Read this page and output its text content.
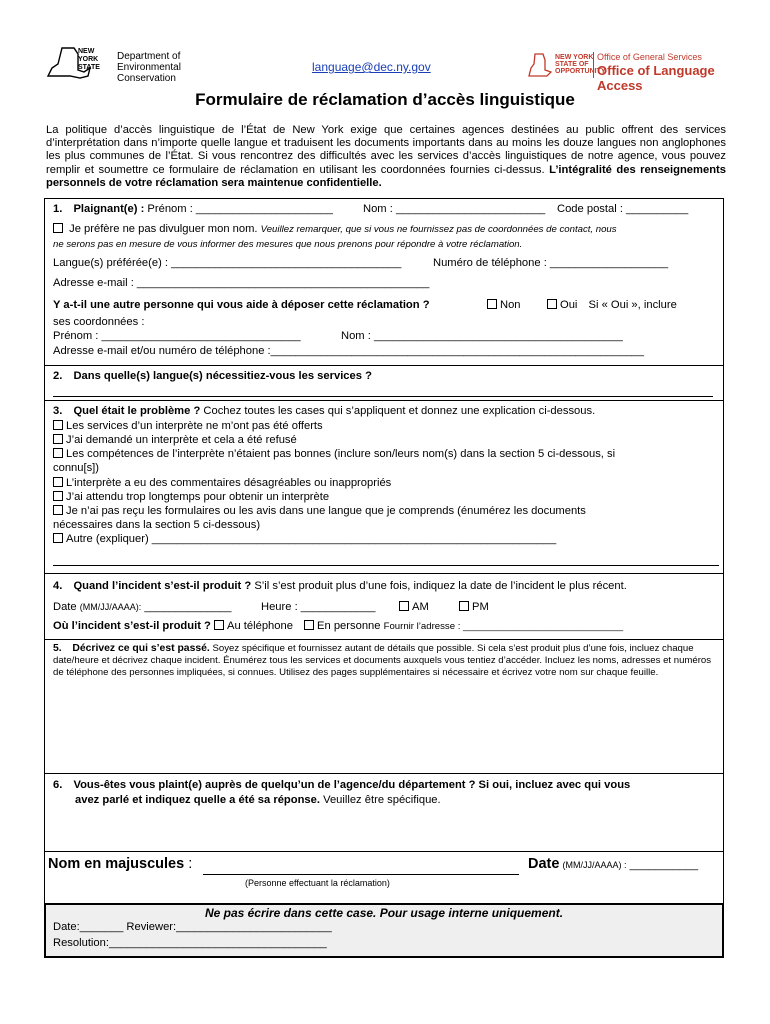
NEW
YORK
STATE
Department of
Environmental
Conservation
language@dec.ny.gov
NEW YORK
STATE OF
OPPORTUNITY
Office of General Services
Office of Language Access
Formulaire de réclamation d’accès linguistique
La politique d’accès linguistique de l’État de New York exige que certaines agences destinées au public offrent des services d’interprétation dans n’importe quelle langue et traduisent les documents importants dans au moins les douze langues non anglophones les plus communes de l’État. Si vous rencontrez des difficultés avec les services d’accès linguistiques de notre agence, vous pouvez remplir et soumettre ce formulaire de réclamation en utilisant les coordonnées fournies ci-dessus. L’intégralité des renseignements personnels de votre réclamation sera maintenue confidentielle.
1. Plaignant(e) : Prénom : ______________________	Nom : ________________________ Code postal : __________
Je préfère ne pas divulguer mon nom. Veuillez remarquer, que si vous ne fournissez pas de coordonnées de contact, nous
ne serons pas en mesure de vous informer des mesures que nous prenons pour répondre à votre réclamation.
Langue(s) préférée(e) : _____________________________________	Numéro de téléphone : ___________________
Adresse e-mail : _______________________________________________
Y a-t-il une autre personne qui vous aide à déposer cette réclamation ?	Non	Oui Si « Oui », inclure
ses coordonnées :
Prénom : ________________________________	Nom : ________________________________________
Adresse e-mail et/ou numéro de téléphone :____________________________________________________________
2. Dans quelle(s) langue(s) nécessitiez-vous les services ?
3. Quel était le problème ? Cochez toutes les cases qui s’appliquent et donnez une explication ci-dessous.
Les services d’un interprète ne m’ont pas été offerts
J’ai demandé un interprète et cela a été refusé
Les compétences de l’interprète n’étaient pas bonnes (inclure son/leurs nom(s) dans la section 5 ci-dessous, si
connu[s])
L’interprète a eu des commentaires désagréables ou inappropriés
J’ai attendu trop longtemps pour obtenir un interprète
Je n’ai pas reçu les formulaires ou les avis dans une langue que je comprends (énumérez les documents
nécessaires dans la section 5 ci-dessous)
Autre (expliquer) _________________________________________________________________
4. Quand l’incident s’est-il produit ? S’il s’est produit plus d’une fois, indiquez la date de l’incident le plus récent.
Date (MM/JJ/AAAA): ______________	Heure : ____________	AM	PM
Où l’incident s’est-il produit ? Au téléphone En personne Fournir l’adresse : ______________________________
5. Décrivez ce qui s’est passé. Soyez spécifique et fournissez autant de détails que possible. Si cela s’est produit plus d’une fois, incluez chaque date/heure et décrivez chaque incident. Énumérez tous les services et documents auxquels vous tentiez d’accéder. Incluez les noms, adresses et numéros de téléphone des personnes impliquées, si connues. Utilisez des pages supplémentaires si nécessaire et écrivez votre nom sur chaque feuille.
6. Vous-êtes vous plaint(e) auprès de quelqu’un de l’agence/du département ? Si oui, incluez avec qui vous
avez parlé et indiquez quelle a été sa réponse. Veuillez être spécifique.
Nom en majuscules :	Date (MM/JJ/AAAA) : ___________
(Personne effectuant la réclamation)
Ne pas écrire dans cette case. Pour usage interne uniquement.
Date:_______ Reviewer:_________________________
Resolution:___________________________________
